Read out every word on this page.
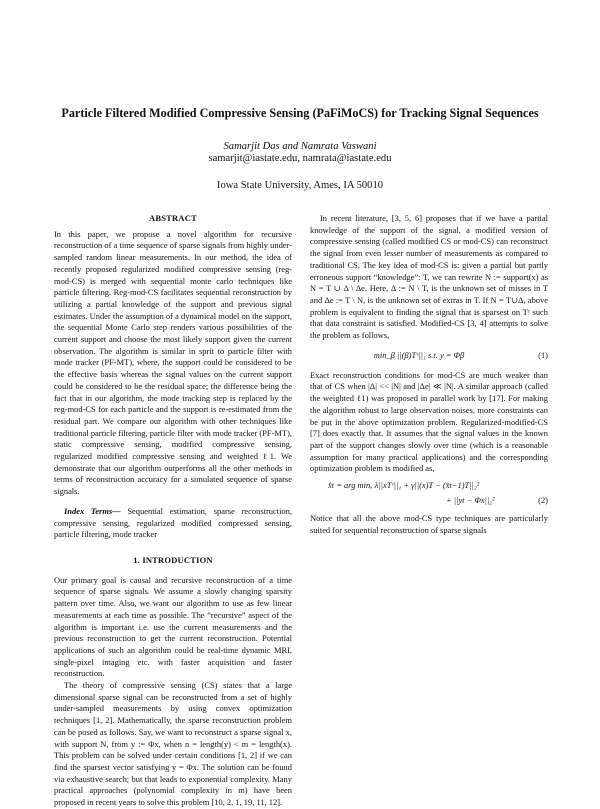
Particle Filtered Modified Compressive Sensing (PaFiMoCS) for Tracking Signal Sequences
Samarjit Das and Namrata Vaswani
samarjit@iastate.edu, namrata@iastate.edu
Iowa State University, Ames, IA 50010
ABSTRACT

In this paper, we propose a novel algorithm for recursive reconstruction of a time sequence of sparse signals from highly under-sampled random linear measurements. In our method, the idea of recently proposed regularized modified compressive sensing (reg-mod-CS) is merged with sequential monte carlo techniques like particle filtering. Reg-mod-CS facilitates sequential reconstruction by utilizing a partial knowledge of the support and previous signal estimates. Under the assumption of a dynamical model on the support, the sequential Monte Carlo step renders various possibilities of the current support and choose the most likely support given the current observation. The algorithm is similar in sprit to particle filter with mode tracker (PF-MT), where, the support could be considered to be the effective basis whereas the signal values on the current support could be considered to be the residual space; the difference being the fact that in our algorithm, the mode tracking step is replaced by the reg-mod-CS for each particle and the support is re-estimated from the residual part. We compare our algorithm with other techniques like traditional particle filtering, particle filter with mode tracker (PF-MT), static compressive sensing, modified compressive sensing, regularized modified compressive sensing and weighted ℓ1. We demonstrate that our algorithm outperforms all the other methods in terms of reconstruction accuracy for a simulated sequence of sparse signals.

Index Terms— Sequential estimation, sparse reconstruction, compressive sensing, regularized modified compressed sensing, particle filtering, mode tracker

1. INTRODUCTION

Our primary goal is causal and recursive reconstruction of a time sequence of sparse signals. We assume a slowly changing sparsity pattern over time. Also, we want our algorithm to use as few linear measurements at each time as possible. The “recursive” aspect of the algorithm is important i.e. use the current measurements and the previous reconstruction to get the current reconstruction. Potential applications of such an algorithm could be real-time dynamic MRI, single-pixel imaging etc. with faster acquisition and faster reconstruction.

The theory of compressive sensing (CS) states that a large dimensional sparse signal can be reconstructed from a set of highly under-sampled measurements by using convex optimization techniques [1, 2]. Mathematically, the sparse reconstruction problem can be posed as follows. Say, we want to reconstruct a sparse signal x, with support N, from y := Φx, when n = length(y) < m = length(x). This problem can be solved under certain conditions [1, 2] if we can find the sparsest vector satisfying y = Φx. The solution can be found via exhaustive search; but that leads to exponential complexity. Many practical approaches (polynomial complexity in m) have been proposed in recent years to solve this problem [10, 2, 1, 19, 11, 12].

In recent literature, [3, 5, 6] proposes that if we have a partial knowledge of the support of the signal, a modified version of compressive sensing (called modified CS or mod-CS) can reconstruct the signal from even lesser number of measurements as compared to traditional CS. The key idea of mod-CS is: given a partial but partly erroneous support “knowledge”: T, we can rewrite N := support(x) as N = T ∪ Δ \ Δe. Here, Δ := N \ T, is the unknown set of misses in T and Δe := T \ N, is the unknown set of extras in T. If N = T∪Δ, above problem is equivalent to finding the signal that is sparsest on Tᶜ such that data constraint is satisfied. Modified-CS [3, 4] attempts to solve the problem as follows,

min_β ||(β)Tᶜ||₁ s.t. y = Φβ	(1)

Exact reconstruction conditions for mod-CS are much weaker than that of CS when |Δ| << |N| and |Δe| ≪ |N|. A similar approach (called the weighted ℓ1) was proposed in parallel work by [17]. For making the algorithm robust to large observation noises, more constraints can be put in the above optimization problem. Regularized-modified-CS [7] does exactly that. It assumes that the signal values in the known part of the support changes slowly over time (which is a reasonable assumption for many practical applications) and the corresponding optimization problem is modified as,

x̂t = arg minₓ λ||xTᶜ||₁ + γ||(x)T − (x̂t−1)T||₂²
+ ||yt − Φx||₂²	(2)

Notice that all the above mod-CS type techniques are particularly suited for sequential reconstruction of sparse signals
